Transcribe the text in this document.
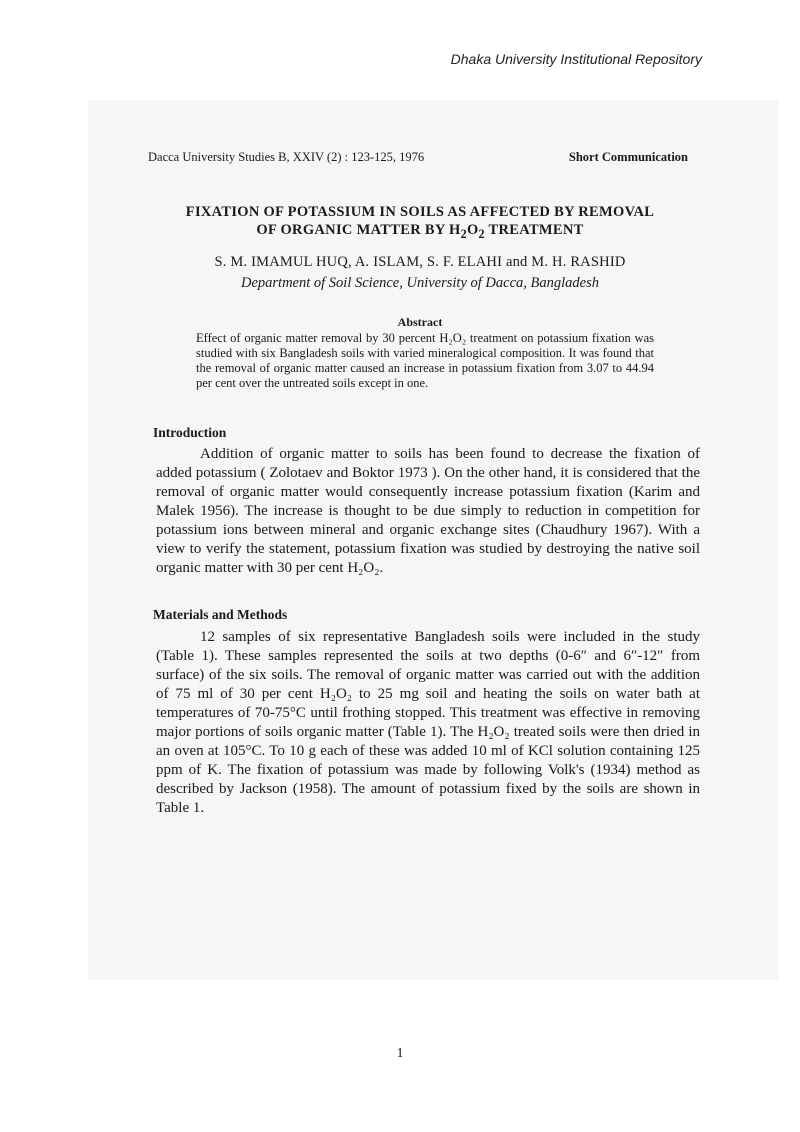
Dhaka University Institutional Repository
Dacca University Studies B, XXIV (2) : 123-125, 1976	Short Communication
FIXATION OF POTASSIUM IN SOILS AS AFFECTED BY REMOVAL
OF ORGANIC MATTER BY $H_2O_2$ TREATMENT
S. M. IMAMUL HUQ, A. ISLAM, S. F. ELAHI and M. H. RASHID
Department of Soil Science, University of Dacca, Bangladesh
Abstract
Effect of organic matter removal by 30 percent H₂O₂ treatment on potassium fixation was studied with six Bangladesh soils with varied mineralogical composition. It was found that the removal of organic matter caused an increase in potassium fixation from 3.07 to 44.94 per cent over the untreated soils except in one.
Introduction
Addition of organic matter to soils has been found to decrease the fixation of added potassium ( Zolotaev and Boktor 1973 ). On the other hand, it is considered that the removal of organic matter would consequently increase potassium fixation (Karim and Malek 1956). The increase is thought to be due simply to reduction in competition for potassium ions between mineral and organic exchange sites (Chaudhury 1967). With a view to verify the statement, potassium fixation was studied by destroying the native soil organic matter with 30 per cent H₂O₂.
Materials and Methods
12 samples of six representative Bangladesh soils were included in the study (Table 1). These samples represented the soils at two depths (0-6″ and 6″-12″ from surface) of the six soils. The removal of organic matter was carried out with the addition of 75 ml of 30 per cent H₂O₂ to 25 mg soil and heating the soils on water bath at temperatures of 70-75°C until frothing stopped. This treatment was effective in removing major portions of soils organic matter (Table 1). The H₂O₂ treated soils were then dried in an oven at 105°C. To 10 g each of these was added 10 ml of KCl solution containing 125 ppm of K. The fixation of potassium was made by following Volk's (1934) method as described by Jackson (1958). The amount of potassium fixed by the soils are shown in Table 1.
1
